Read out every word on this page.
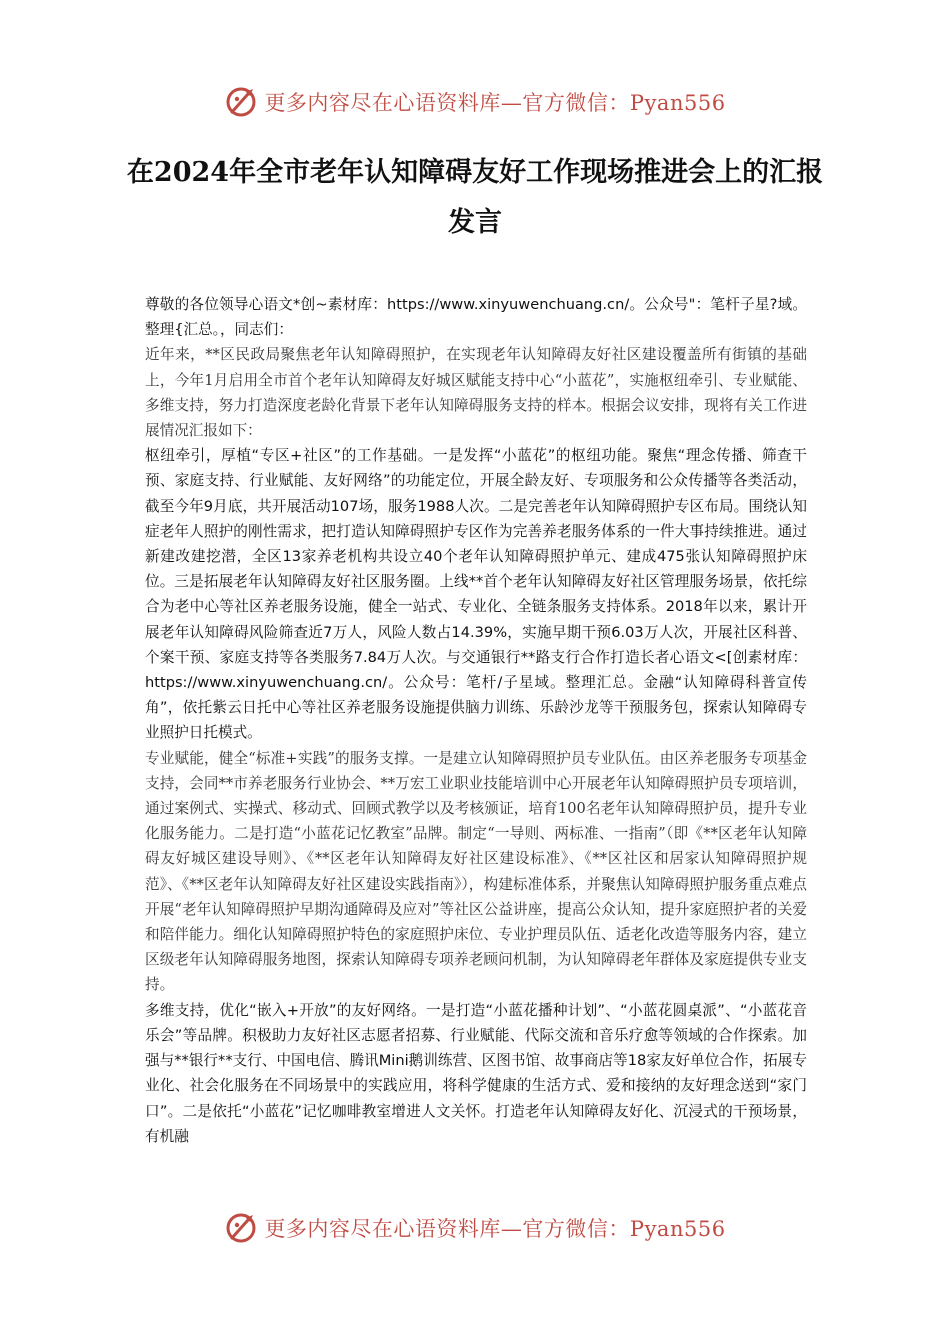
更多内容尽在心语资料库—官方微信：Pyan556
在2024年全市老年认知障碍友好工作现场推进会上的汇报发言

尊敬的各位领导心语文*创~素材库：https://www.xinyuwenchuang.cn/。公众号"：笔杆子星?域。整理{汇总。，同志们：

近年来，**区民政局聚焦老年认知障碍照护，在实现老年认知障碍友好社区建设覆盖所有街镇的基础上，今年1月启用全市首个老年认知障碍友好城区赋能支持中心“小蓝花”，实施枢纽牵引、专业赋能、多维支持，努力打造深度老龄化背景下老年认知障碍服务支持的样本。根据会议安排，现将有关工作进展情况汇报如下：

枢纽牵引，厚植“专区+社区”的工作基础。一是发挥“小蓝花”的枢纽功能。聚焦“理念传播、筛查干预、家庭支持、行业赋能、友好网络”的功能定位，开展全龄友好、专项服务和公众传播等各类活动，截至今年9月底，共开展活动107场，服务1988人次。二是完善老年认知障碍照护专区布局。围绕认知症老年人照护的刚性需求，把打造认知障碍照护专区作为完善养老服务体系的一件大事持续推进。通过新建改建挖潜，全区13家养老机构共设立40个老年认知障碍照护单元、建成475张认知障碍照护床位。三是拓展老年认知障碍友好社区服务圈。上线**首个老年认知障碍友好社区管理服务场景，依托综合为老中心等社区养老服务设施，健全一站式、专业化、全链条服务支持体系。2018年以来，累计开展老年认知障碍风险筛查近7万人，风险人数占14.39%，实施早期干预6.03万人次，开展社区科普、个案干预、家庭支持等各类服务7.84万人次。与交通银行**路支行合作打造长者心语文<[创素材库：https://www.xinyuwenchuang.cn/。公众号：笔杆/子星域。整理汇总。金融“认知障碍科普宣传角”，依托紫云日托中心等社区养老服务设施提供脑力训练、乐龄沙龙等干预服务包，探索认知障碍专业照护日托模式。

专业赋能，健全“标准+实践”的服务支撑。一是建立认知障碍照护员专业队伍。由区养老服务专项基金支持，会同**市养老服务行业协会、**万宏工业职业技能培训中心开展老年认知障碍照护员专项培训，通过案例式、实操式、移动式、回顾式教学以及考核颁证，培育100名老年认知障碍照护员，提升专业化服务能力。二是打造“小蓝花记忆教室”品牌。制定“一导则、两标准、一指南”（即《**区老年认知障碍友好城区建设导则》、《**区老年认知障碍友好社区建设标准》、《**区社区和居家认知障碍照护规范》、《**区老年认知障碍友好社区建设实践指南》），构建标准体系，并聚焦认知障碍照护服务重点难点开展“老年认知障碍照护早期沟通障碍及应对”等社区公益讲座，提高公众认知，提升家庭照护者的关爱和陪伴能力。细化认知障碍照护特色的家庭照护床位、专业护理员队伍、适老化改造等服务内容，建立区级老年认知障碍服务地图，探索认知障碍专项养老顾问机制，为认知障碍老年群体及家庭提供专业支持。

多维支持，优化“嵌入+开放”的友好网络。一是打造“小蓝花播种计划”、“小蓝花圆桌派”、“小蓝花音乐会”等品牌。积极助力友好社区志愿者招募、行业赋能、代际交流和音乐疗愈等领域的合作探索。加强与**银行**支行、中国电信、腾讯Mini鹅训练营、区图书馆、故事商店等18家友好单位合作，拓展专业化、社会化服务在不同场景中的实践应用，将科学健康的生活方式、爱和接纳的友好理念送到“家门口”。二是依托“小蓝花”记忆咖啡教室增进人文关怀。打造老年认知障碍友好化、沉浸式的干预场景，有机融

更多内容尽在心语资料库—官方微信：Pyan556
